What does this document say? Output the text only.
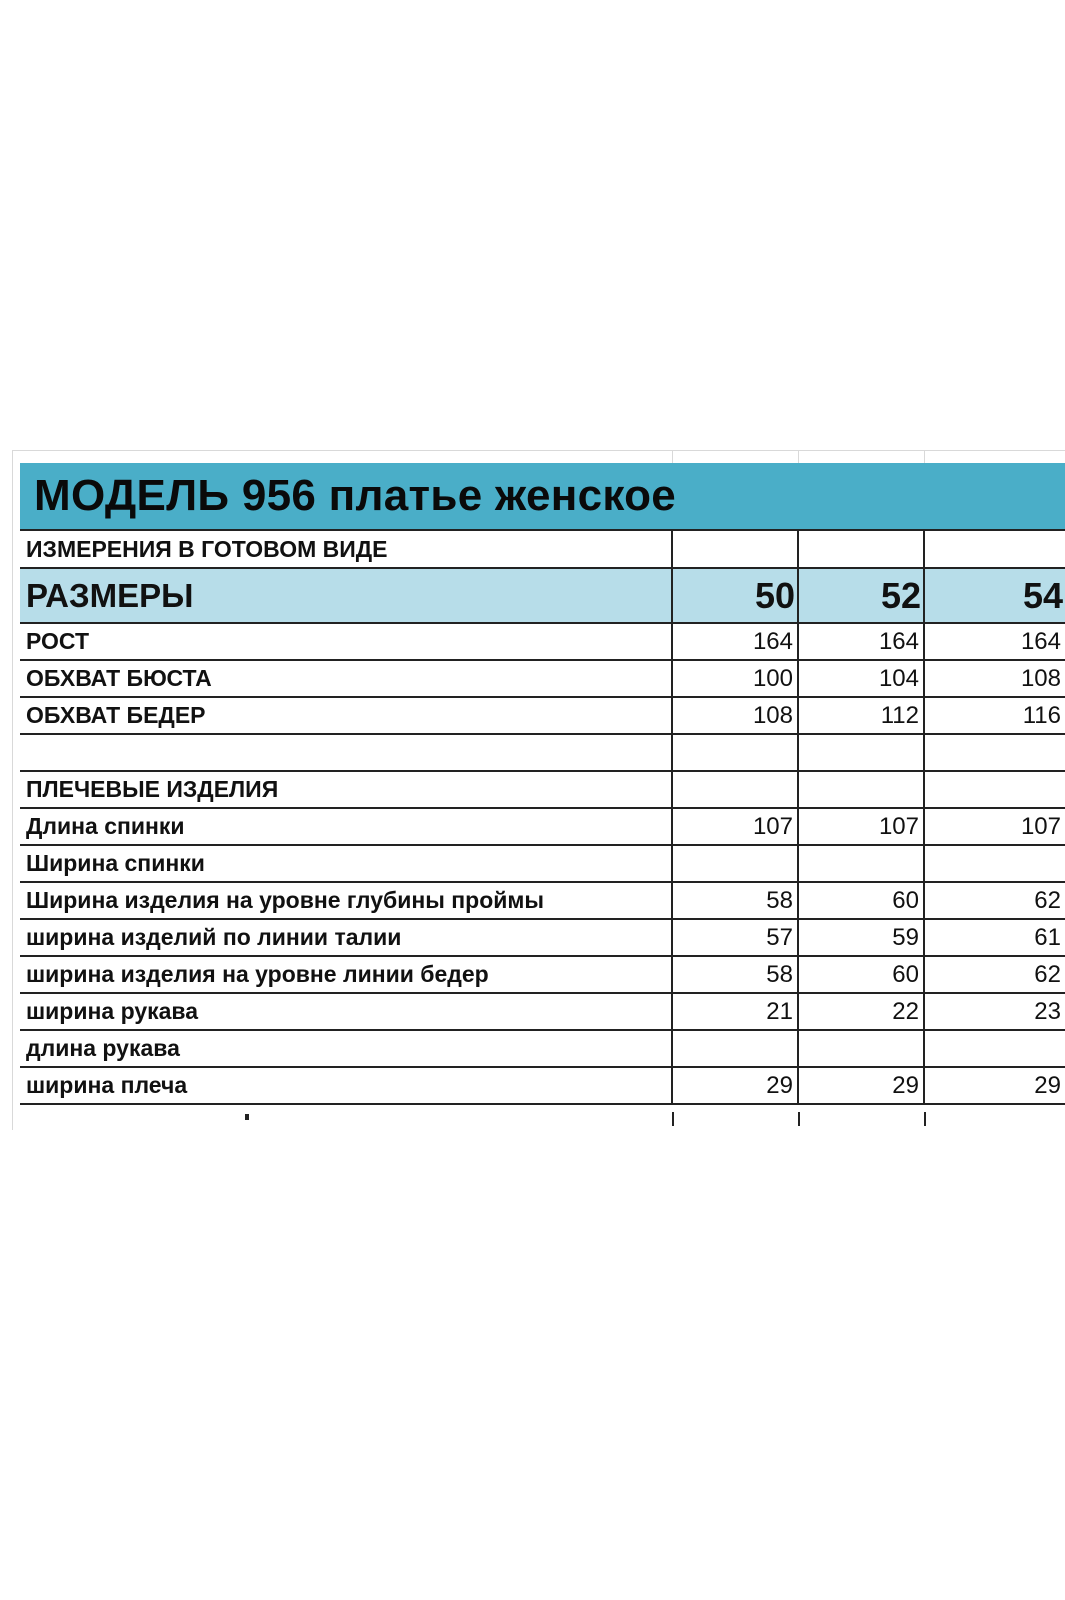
МОДЕЛЬ 956 платье женское
ИЗМЕРЕНИЯ В ГОТОВОМ ВИДЕ			
РАЗМЕРЫ	50	52	54
РОСТ	164	164	164
ОБХВАТ БЮСТА	100	104	108
ОБХВАТ БЕДЕР	108	112	116

ПЛЕЧЕВЫЕ ИЗДЕЛИЯ			
Длина спинки	107	107	107
Ширина спинки			
Ширина изделия на уровне глубины проймы	58	60	62
ширина изделий по линии талии	57	59	61
ширина изделия на уровне линии бедер	58	60	62
ширина рукава	21	22	23
длина рукава			
ширина плеча	29	29	29
